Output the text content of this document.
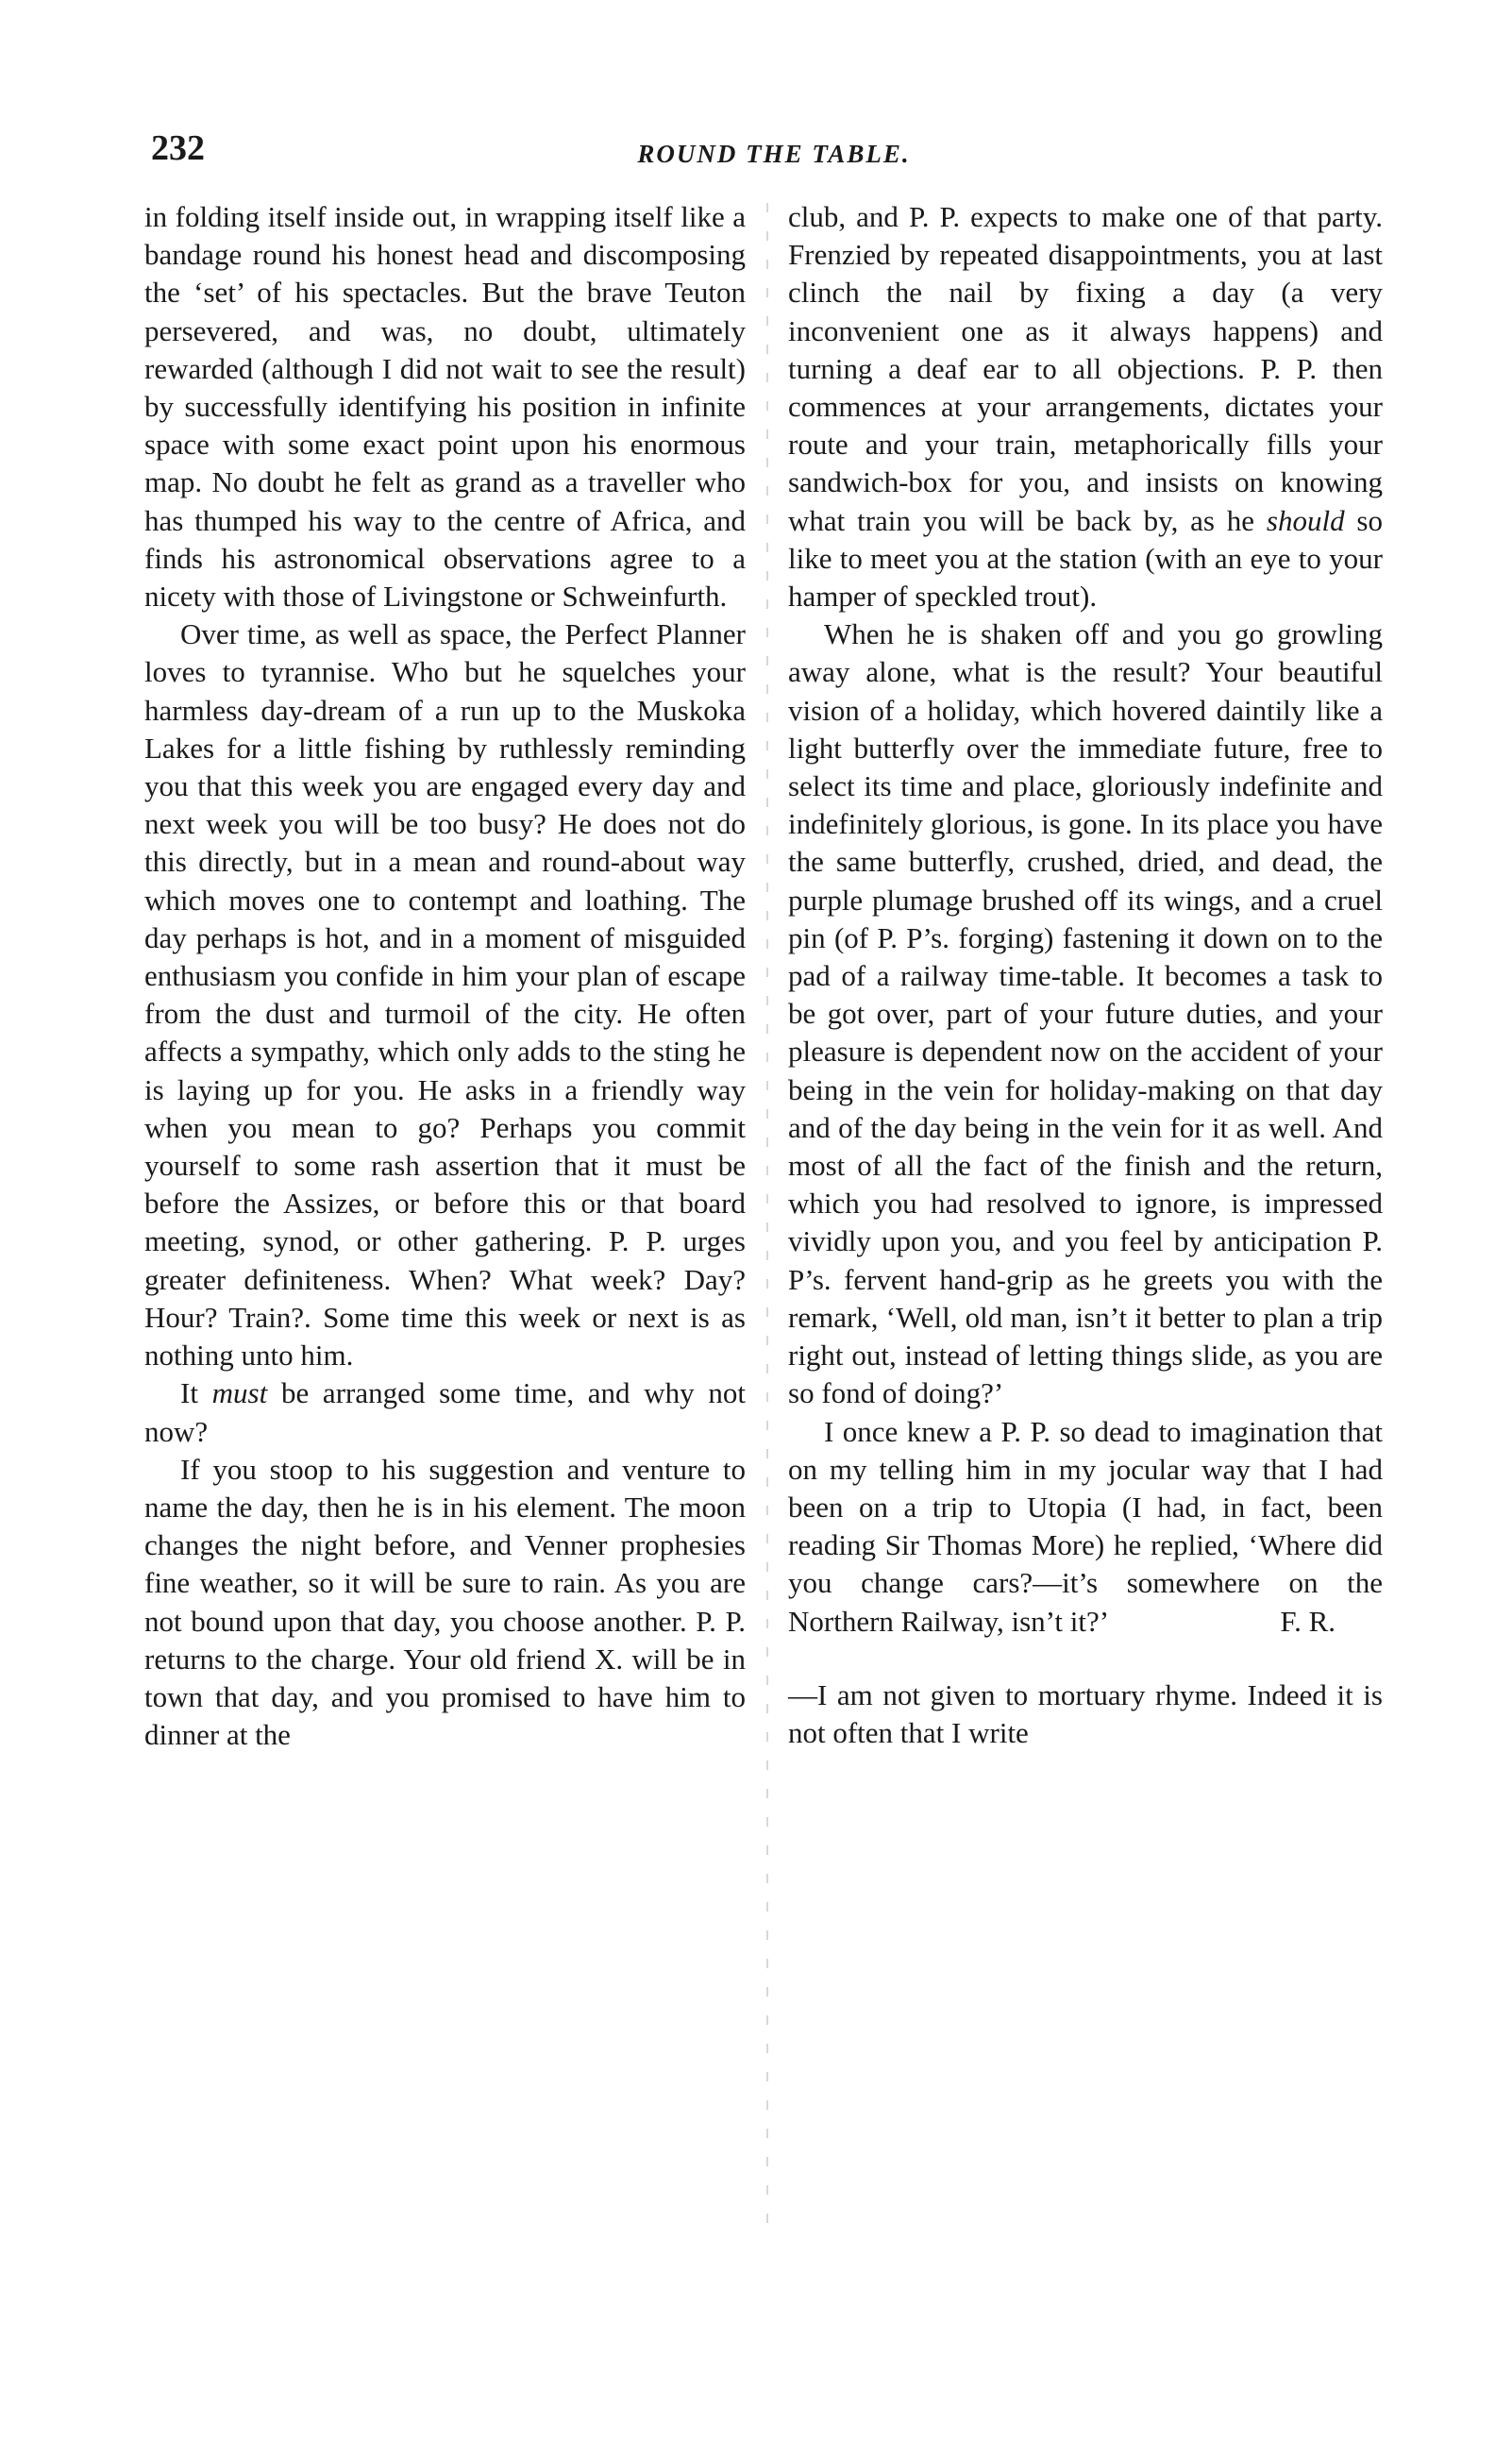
232	ROUND THE TABLE.

in folding itself inside out, in wrapping itself like a bandage round his honest head and discomposing the ‘set’ of his spectacles. But the brave Teuton persevered, and was, no doubt, ultimately rewarded (although I did not wait to see the result) by successfully identifying his position in infinite space with some exact point upon his enormous map. No doubt he felt as grand as a traveller who has thumped his way to the centre of Africa, and finds his astronomical observations agree to a nicety with those of Livingstone or Schweinfurth.

Over time, as well as space, the Perfect Planner loves to tyrannise. Who but he squelches your harmless day-dream of a run up to the Muskoka Lakes for a little fishing by ruthlessly reminding you that this week you are engaged every day and next week you will be too busy? He does not do this directly, but in a mean and round-about way which moves one to contempt and loathing. The day perhaps is hot, and in a moment of misguided enthusiasm you confide in him your plan of escape from the dust and turmoil of the city. He often affects a sympathy, which only adds to the sting he is laying up for you. He asks in a friendly way when you mean to go? Perhaps you commit yourself to some rash assertion that it must be before the Assizes, or before this or that board meeting, synod, or other gathering. P. P. urges greater definiteness. When? What week? Day? Hour? Train?. Some time this week or next is as nothing unto him.

It must be arranged some time, and why not now?

If you stoop to his suggestion and venture to name the day, then he is in his element. The moon changes the night before, and Venner prophesies fine weather, so it will be sure to rain. As you are not bound upon that day, you choose another. P. P. returns to the charge. Your old friend X. will be in town that day, and you promised to have him to dinner at the

club, and P. P. expects to make one of that party. Frenzied by repeated disappointments, you at last clinch the nail by fixing a day (a very inconvenient one as it always happens) and turning a deaf ear to all objections. P. P. then commences at your arrangements, dictates your route and your train, metaphorically fills your sandwich-box for you, and insists on knowing what train you will be back by, as he should so like to meet you at the station (with an eye to your hamper of speckled trout).

When he is shaken off and you go growling away alone, what is the result? Your beautiful vision of a holiday, which hovered daintily like a light butterfly over the immediate future, free to select its time and place, gloriously indefinite and indefinitely glorious, is gone. In its place you have the same butterfly, crushed, dried, and dead, the purple plumage brushed off its wings, and a cruel pin (of P. P’s. forging) fastening it down on to the pad of a railway time-table. It becomes a task to be got over, part of your future duties, and your pleasure is dependent now on the accident of your being in the vein for holiday-making on that day and of the day being in the vein for it as well. And most of all the fact of the finish and the return, which you had resolved to ignore, is impressed vividly upon you, and you feel by anticipation P. P’s. fervent hand-grip as he greets you with the remark, ‘Well, old man, isn’t it better to plan a trip right out, instead of letting things slide, as you are so fond of doing?’

I once knew a P. P. so dead to imagination that on my telling him in my jocular way that I had been on a trip to Utopia (I had, in fact, been reading Sir Thomas More) he replied, ‘Where did you change cars?—it’s somewhere on the Northern Railway, isn’t it?’	F. R.

—I am not given to mortuary rhyme. Indeed it is not often that I write
